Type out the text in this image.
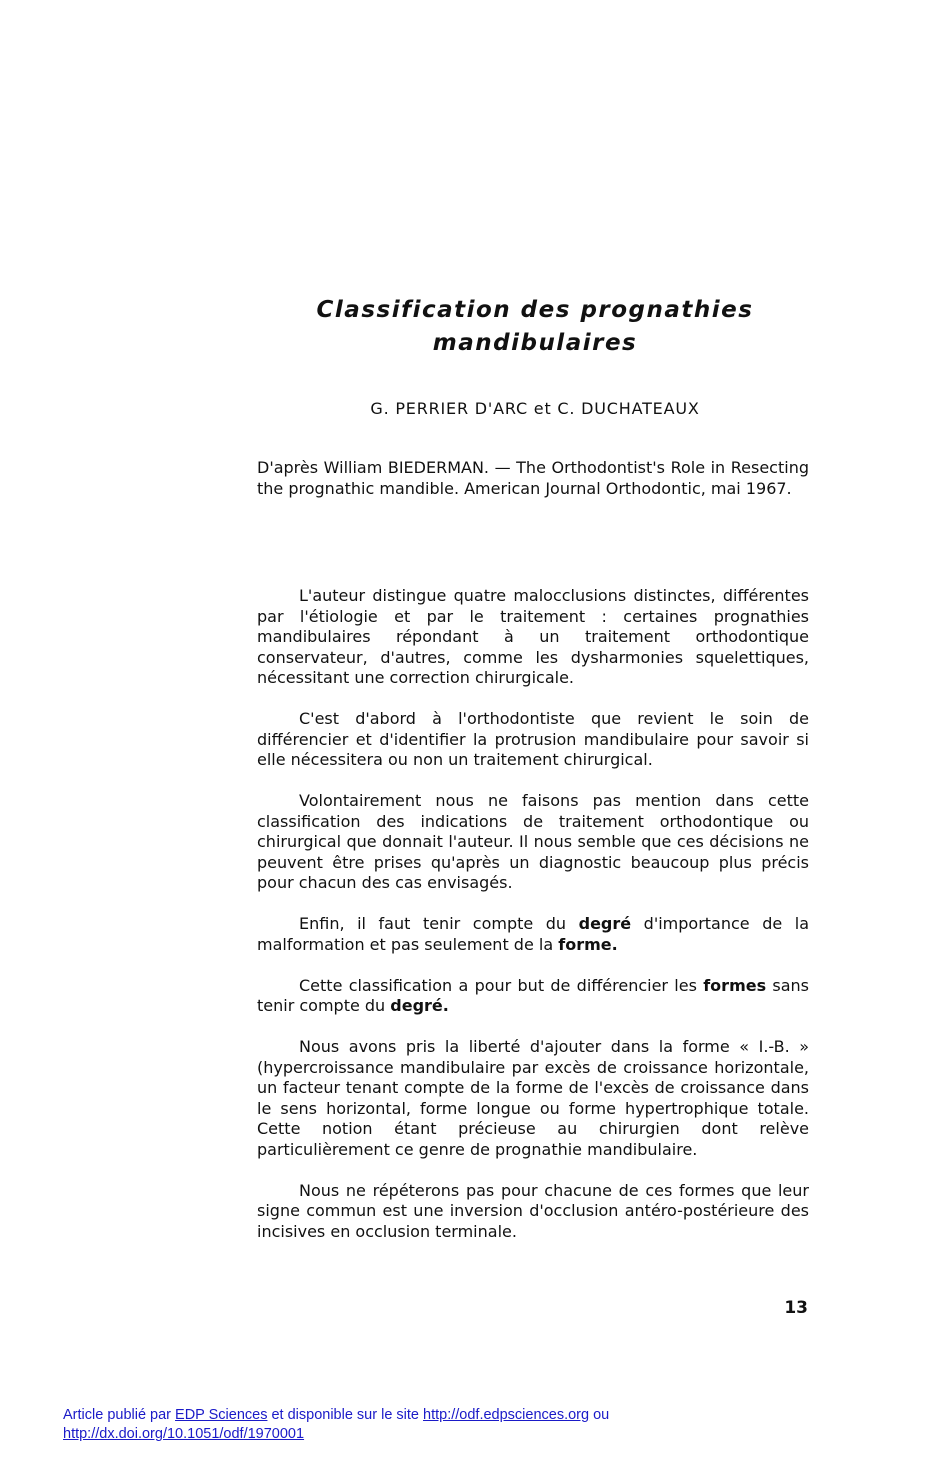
Classification des prognathies
mandibulaires
G. PERRIER D'ARC et C. DUCHATEAUX

D'après William BIEDERMAN. — The Orthodontist's Role in Resecting the prognathic mandible. American Journal Orthodontic, mai 1967.

L'auteur distingue quatre malocclusions distinctes, différentes par l'étiologie et par le traitement : certaines prognathies mandibulaires répondant à un traitement orthodontique conservateur, d'autres, comme les dysharmonies squelettiques, nécessitant une correction chirurgicale.

C'est d'abord à l'orthodontiste que revient le soin de différencier et d'identifier la protrusion mandibulaire pour savoir si elle nécessitera ou non un traitement chirurgical.

Volontairement nous ne faisons pas mention dans cette classification des indications de traitement orthodontique ou chirurgical que donnait l'auteur. Il nous semble que ces décisions ne peuvent être prises qu'après un diagnostic beaucoup plus précis pour chacun des cas envisagés.

Enfin, il faut tenir compte du degré d'importance de la malformation et pas seulement de la forme.

Cette classification a pour but de différencier les formes sans tenir compte du degré.

Nous avons pris la liberté d'ajouter dans la forme « I.-B. » (hypercroissance mandibulaire par excès de croissance horizontale, un facteur tenant compte de la forme de l'excès de croissance dans le sens horizontal, forme longue ou forme hypertrophique totale. Cette notion étant précieuse au chirurgien dont relève particulièrement ce genre de prognathie mandibulaire.

Nous ne répéterons pas pour chacune de ces formes que leur signe commun est une inversion d'occlusion antéro-postérieure des incisives en occlusion terminale.

13
Article publié par EDP Sciences et disponible sur le site http://odf.edpsciences.org ou
http://dx.doi.org/10.1051/odf/1970001
